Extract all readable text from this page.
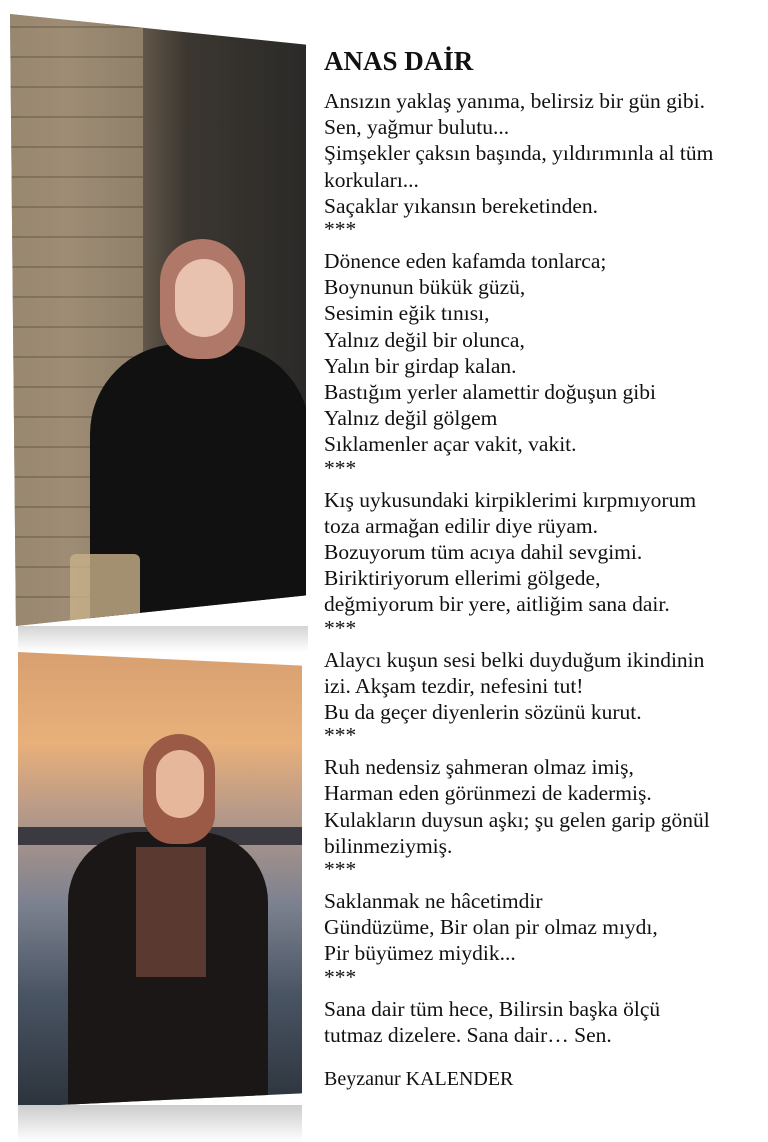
ANAS DAİR
Ansızın yaklaş yanıma, belirsiz bir gün gibi.
Sen, yağmur bulutu...
Şimşekler çaksın başında, yıldırımınla al tüm
korkuları...
Saçaklar yıkansın bereketinden.
***
Dönence eden kafamda tonlarca;
Boynunun bükük güzü,
Sesimin eğik tınısı,
Yalnız değil bir olunca,
Yalın bir girdap kalan.
Bastığım yerler alamettir doğuşun gibi
Yalnız değil gölgem
Sıklamenler açar vakit, vakit.
***
Kış uykusundaki kirpiklerimi kırpmıyorum
toza armağan edilir diye rüyam.
Bozuyorum tüm acıya dahil sevgimi.
Biriktiriyorum ellerimi gölgede,
değmiyorum bir yere, aitliğim sana dair.
***
Alaycı kuşun sesi belki duyduğum ikindinin
izi. Akşam tezdir, nefesini tut!
Bu da geçer diyenlerin sözünü kurut.
***
Ruh nedensiz şahmeran olmaz imiş,
Harman eden görünmezi de kadermiş.
Kulakların duysun aşkı; şu gelen garip gönül
bilinmeziymiş.
***
Saklanmak ne hâcetimdir
Gündüzüme, Bir olan pir olmaz mıydı,
Pir büyümez miydik...
***
Sana dair tüm hece, Bilirsin başka ölçü
tutmaz dizelere. Sana dair… Sen.
Beyzanur KALENDER
